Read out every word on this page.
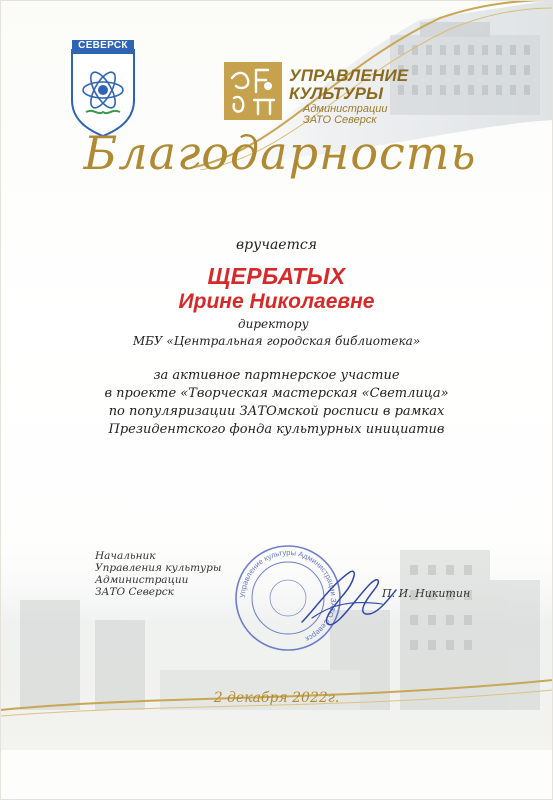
СЕВЕРСК
УПРАВЛЕНИЕ
КУЛЬТУРЫ
Администрации
ЗАТО Северск
Благодарность
вручается
ЩЕРБАТЫХ
Ирине Николаевне
директору
МБУ «Центральная городская библиотека»
за активное партнерское участие
в проекте «Творческая мастерская «Светлица»
по популяризации ЗАТОмской росписи в рамках
Президентского фонда культурных инициатив
Начальник
Управления культуры
Администрации
ЗАТО Северск	Управление культуры Администрации ЗАТО Северск
П. И. Никитин
2 декабря 2022г.
